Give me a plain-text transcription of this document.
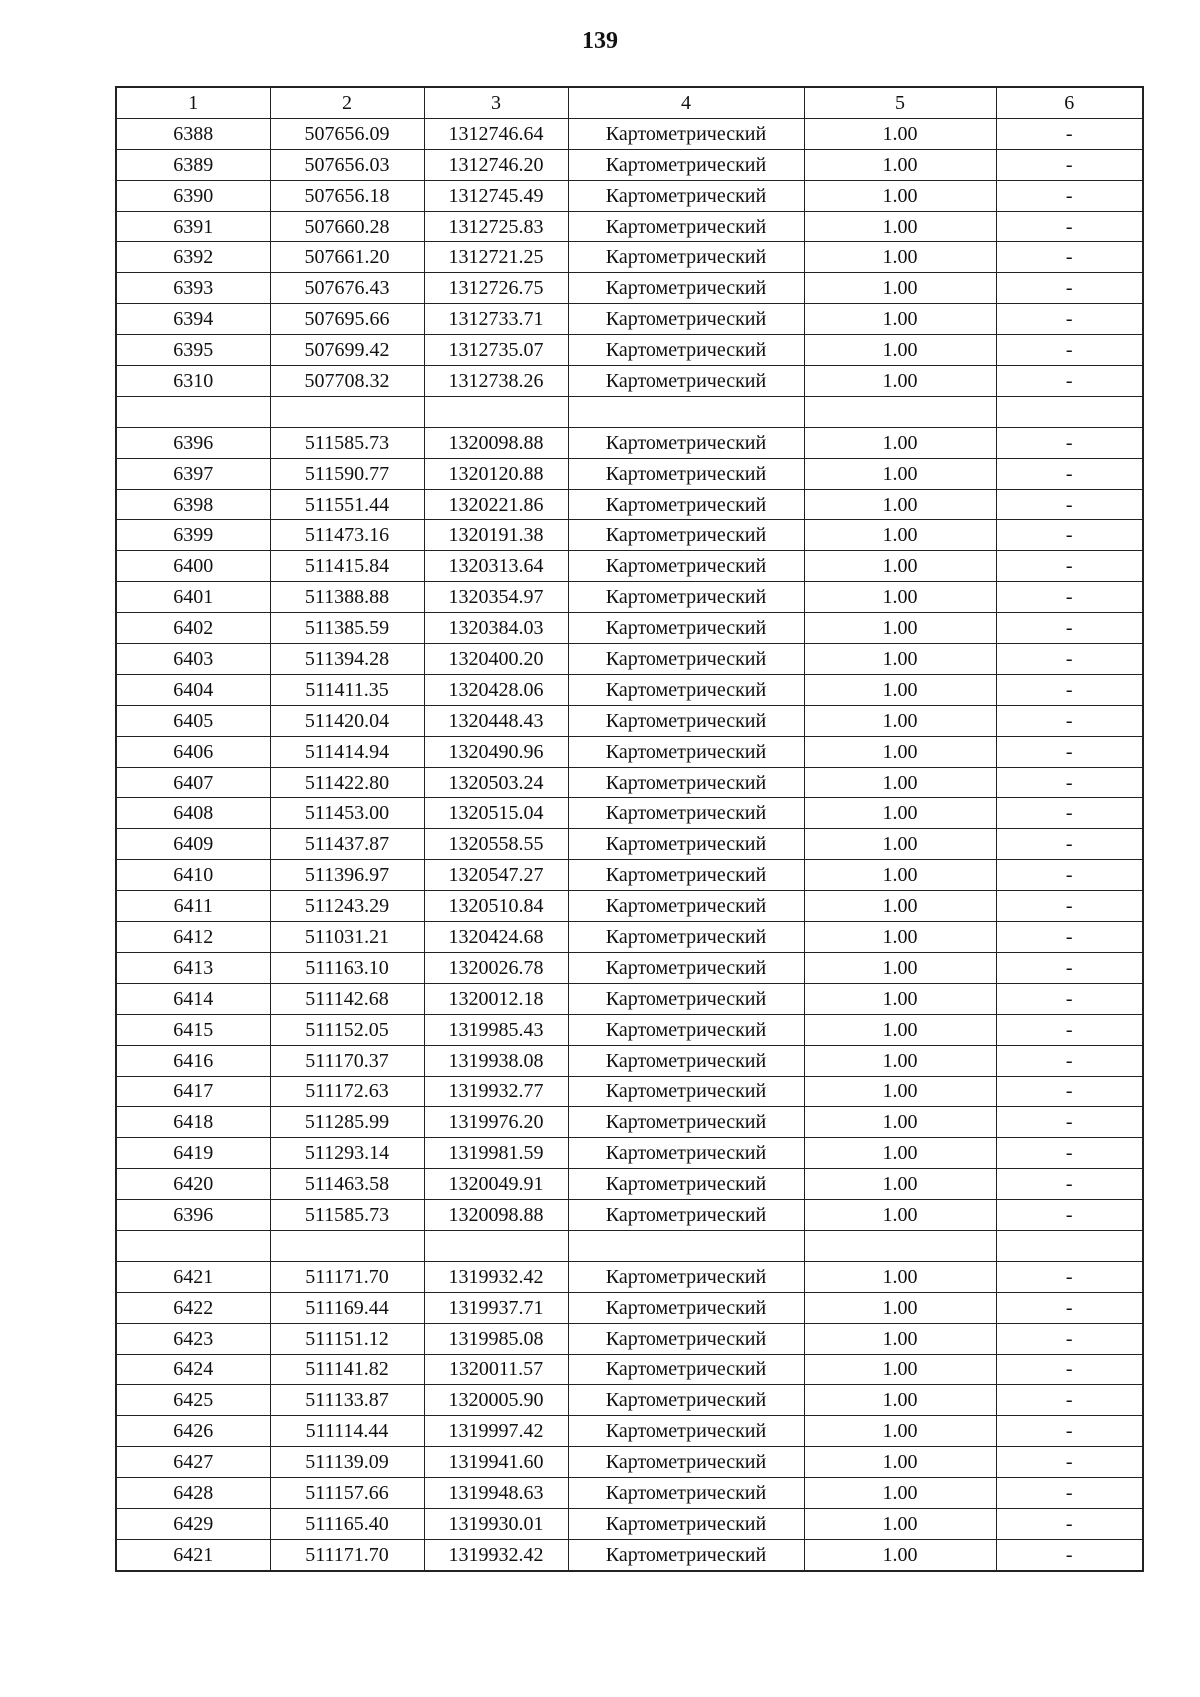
139
1	2	3	4	5	6
6388	507656.09	1312746.64	Картометрический	1.00	-
6389	507656.03	1312746.20	Картометрический	1.00	-
6390	507656.18	1312745.49	Картометрический	1.00	-
6391	507660.28	1312725.83	Картометрический	1.00	-
6392	507661.20	1312721.25	Картометрический	1.00	-
6393	507676.43	1312726.75	Картометрический	1.00	-
6394	507695.66	1312733.71	Картометрический	1.00	-
6395	507699.42	1312735.07	Картометрический	1.00	-
6310	507708.32	1312738.26	Картометрический	1.00	-

6396	511585.73	1320098.88	Картометрический	1.00	-
6397	511590.77	1320120.88	Картометрический	1.00	-
6398	511551.44	1320221.86	Картометрический	1.00	-
6399	511473.16	1320191.38	Картометрический	1.00	-
6400	511415.84	1320313.64	Картометрический	1.00	-
6401	511388.88	1320354.97	Картометрический	1.00	-
6402	511385.59	1320384.03	Картометрический	1.00	-
6403	511394.28	1320400.20	Картометрический	1.00	-
6404	511411.35	1320428.06	Картометрический	1.00	-
6405	511420.04	1320448.43	Картометрический	1.00	-
6406	511414.94	1320490.96	Картометрический	1.00	-
6407	511422.80	1320503.24	Картометрический	1.00	-
6408	511453.00	1320515.04	Картометрический	1.00	-
6409	511437.87	1320558.55	Картометрический	1.00	-
6410	511396.97	1320547.27	Картометрический	1.00	-
6411	511243.29	1320510.84	Картометрический	1.00	-
6412	511031.21	1320424.68	Картометрический	1.00	-
6413	511163.10	1320026.78	Картометрический	1.00	-
6414	511142.68	1320012.18	Картометрический	1.00	-
6415	511152.05	1319985.43	Картометрический	1.00	-
6416	511170.37	1319938.08	Картометрический	1.00	-
6417	511172.63	1319932.77	Картометрический	1.00	-
6418	511285.99	1319976.20	Картометрический	1.00	-
6419	511293.14	1319981.59	Картометрический	1.00	-
6420	511463.58	1320049.91	Картометрический	1.00	-
6396	511585.73	1320098.88	Картометрический	1.00	-

6421	511171.70	1319932.42	Картометрический	1.00	-
6422	511169.44	1319937.71	Картометрический	1.00	-
6423	511151.12	1319985.08	Картометрический	1.00	-
6424	511141.82	1320011.57	Картометрический	1.00	-
6425	511133.87	1320005.90	Картометрический	1.00	-
6426	511114.44	1319997.42	Картометрический	1.00	-
6427	511139.09	1319941.60	Картометрический	1.00	-
6428	511157.66	1319948.63	Картометрический	1.00	-
6429	511165.40	1319930.01	Картометрический	1.00	-
6421	511171.70	1319932.42	Картометрический	1.00	-
